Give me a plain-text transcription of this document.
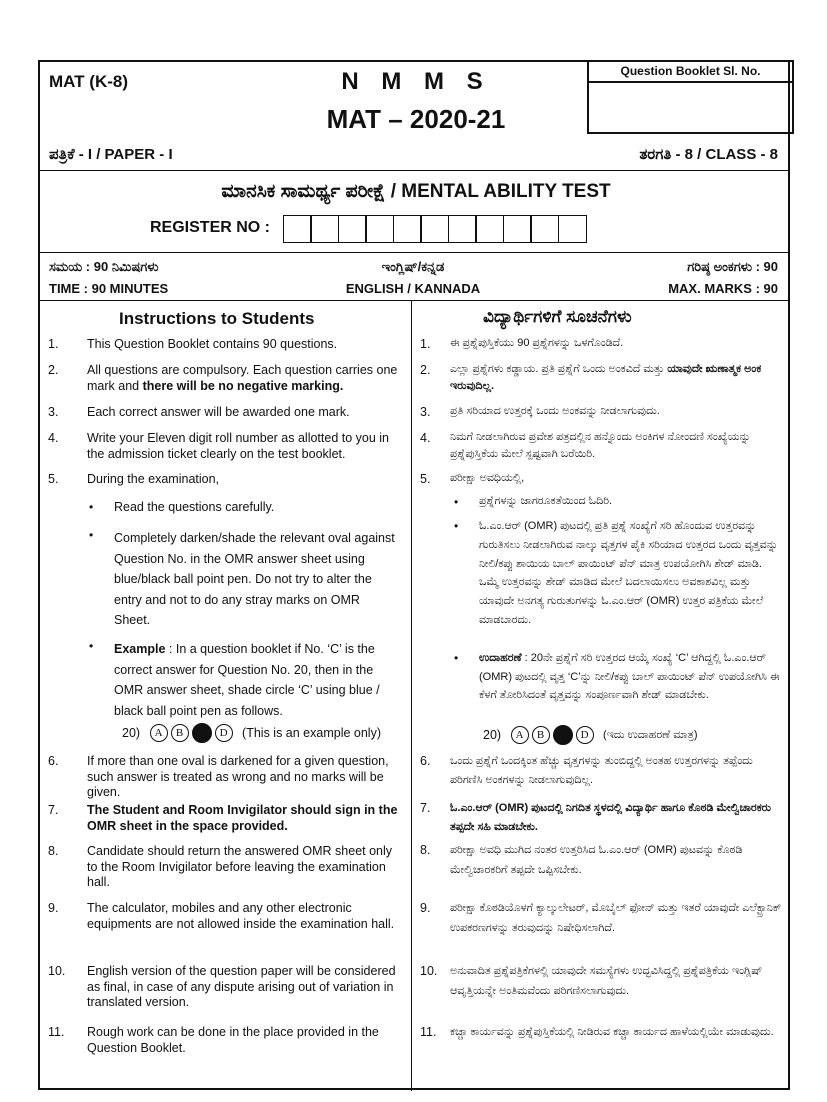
MAT (K-8)	N M M S
MAT – 2020-21
Question Booklet Sl. No.
ಪತ್ರಿಕೆ - I / PAPER - I	ತರಗತಿ - 8 / CLASS - 8
ಮಾನಸಿಕ ಸಾಮರ್ಥ್ಯ ಪರೀಕ್ಷೆ / MENTAL ABILITY TEST
REGISTER NO :
ಸಮಯ : 90 ನಿಮಿಷಗಳು
TIME : 90 MINUTES
ಇಂಗ್ಲಿಷ್/ಕನ್ನಡ
ENGLISH / KANNADA
ಗರಿಷ್ಠ ಅಂಕಗಳು : 90
MAX. MARKS : 90
Instructions to Students
1. This Question Booklet contains 90 questions.
2. All questions are compulsory. Each question carries one mark and there will be no negative marking.
3. Each correct answer will be awarded one mark.
4. Write your Eleven digit roll number as allotted to you in the admission ticket clearly on the test booklet.
5. During the examination,
• Read the questions carefully.
• Completely darken/shade the relevant oval against Question No. in the OMR answer sheet using blue/black ball point pen. Do not try to alter the entry and not to do any stray marks on OMR Sheet.
• Example : In a question booklet if No. ‘C’ is the correct answer for Question No. 20, then in the OMR answer sheet, shade circle ‘C’ using blue / black ball point pen as follows.
20)
	A	B	D
	(This is an example only)
6. If more than one oval is darkened for a given question, such answer is treated as wrong and no marks will be given.
7. The Student and Room Invigilator should sign in the OMR sheet in the space provided.
8. Candidate should return the answered OMR sheet only to the Room Invigilator before leaving the examination hall.
9. The calculator, mobiles and any other electronic equipments are not allowed inside the examination hall.
10. English version of the question paper will be considered as final, in case of any dispute arising out of variation in translated version.
11. Rough work can be done in the place provided in the Question Booklet.
ವಿದ್ಯಾರ್ಥಿಗಳಿಗೆ ಸೂಚನೆಗಳು
1. ಈ ಪ್ರಶ್ನೆಪುಸ್ತಿಕೆಯು 90 ಪ್ರಶ್ನೆಗಳನ್ನು ಒಳಗೊಂಡಿದೆ.
2. ಎಲ್ಲಾ ಪ್ರಶ್ನೆಗಳು ಕಡ್ಡಾಯ. ಪ್ರತಿ ಪ್ರಶ್ನೆಗೆ ಒಂದು ಅಂಕವಿದೆ ಮತ್ತು ಯಾವುದೇ ಋಣಾತ್ಮಕ ಅಂಕ ಇರುವುದಿಲ್ಲ.
3. ಪ್ರತಿ ಸರಿಯಾದ ಉತ್ತರಕ್ಕೆ ಒಂದು ಅಂಕವನ್ನು ನೀಡಲಾಗುವುದು.
4. ನಿಮಗೆ ನೀಡಲಾಗಿರುವ ಪ್ರವೇಶ ಪತ್ರದಲ್ಲಿನ ಹನ್ನೊಂದು ಅಂಕಿಗಳ ನೋಂದಣಿ ಸಂಖ್ಯೆಯನ್ನು ಪ್ರಶ್ನೆಪುಸ್ತಿಕೆಯ ಮೇಲೆ ಸ್ಪಷ್ಟವಾಗಿ ಬರೆಯಿರಿ.
5. ಪರೀಕ್ಷಾ ಅವಧಿಯಲ್ಲಿ,
• ಪ್ರಶ್ನೆಗಳನ್ನು ಜಾಗರೂಕತೆಯಿಂದ ಓದಿರಿ.
• ಓ.ಎಂ.ಆರ್ (OMR) ಪುಟದಲ್ಲಿ ಪ್ರತಿ ಪ್ರಶ್ನೆ ಸಂಖ್ಯೆಗೆ ಸರಿ ಹೊಂದುವ ಉತ್ತರವನ್ನು ಗುರುತಿಸಲು ನೀಡಲಾಗಿರುವ ನಾಲ್ಕು ವೃತ್ತಗಳ ಪೈಕಿ ಸರಿಯಾದ ಉತ್ತರದ ಒಂದು ವೃತ್ತವನ್ನು ನೀಲಿ/ಕಪ್ಪು ಶಾಯಿಯ ಬಾಲ್ ಪಾಯಿಂಟ್ ಪೆನ್ ಮಾತ್ರ ಉಪಯೋಗಿಸಿ ಶೇಡ್ ಮಾಡಿ. ಒಮ್ಮೆ ಉತ್ತರವನ್ನು ಶೇಡ್ ಮಾಡಿದ ಮೇಲೆ ಬದಲಾಯಿಸಲು ಅವಕಾಶವಿಲ್ಲ ಮತ್ತು ಯಾವುದೇ ಅನಗತ್ಯ ಗುರುತುಗಳನ್ನು ಓ.ಎಂ.ಆರ್ (OMR) ಉತ್ತರ ಪತ್ರಿಕೆಯ ಮೇಲೆ ಮಾಡಬಾರದು.
• ಉದಾಹರಣೆ : 20ನೇ ಪ್ರಶ್ನೆಗೆ ಸರಿ ಉತ್ತರದ ಆಯ್ಕೆ ಸಂಖ್ಯೆ ‘C’ ಆಗಿದ್ದಲ್ಲಿ ಓ.ಎಂ.ಆರ್ (OMR) ಪುಟದಲ್ಲಿ ವೃತ್ತ ‘C’ನ್ನು ನೀಲಿ/ಕಪ್ಪು ಬಾಲ್ ಪಾಯಿಂಟ್ ಪೆನ್ ಉಪಯೋಗಿಸಿ ಈ ಕೆಳಗೆ ತೋರಿಸಿದಂತೆ ವೃತ್ತವನ್ನು ಸಂಪೂರ್ಣವಾಗಿ ಶೇಡ್ ಮಾಡಬೇಕು.
20)
	A	B	D
	(ಇದು ಉದಾಹರಣೆ ಮಾತ್ರ)
6. ಒಂದು ಪ್ರಶ್ನೆಗೆ ಒಂದಕ್ಕಿಂತ ಹೆಚ್ಚು ವೃತ್ತಗಳನ್ನು ತುಂಬಿದ್ದಲ್ಲಿ ಅಂತಹ ಉತ್ತರಗಳನ್ನು ತಪ್ಪೆಂದು ಪರಿಗಣಿಸಿ ಅಂಕಗಳನ್ನು ನೀಡಲಾಗುವುದಿಲ್ಲ.
7. ಓ.ಎಂ.ಆರ್ (OMR) ಪುಟದಲ್ಲಿ ನಿಗದಿತ ಸ್ಥಳದಲ್ಲಿ ವಿದ್ಯಾರ್ಥಿ ಹಾಗೂ ಕೊಠಡಿ ಮೇಲ್ವಿಚಾರಕರು ತಪ್ಪದೇ ಸಹಿ ಮಾಡಬೇಕು.
8. ಪರೀಕ್ಷಾ ಅವಧಿ ಮುಗಿದ ನಂತರ ಉತ್ತರಿಸಿದ ಓ.ಎಂ.ಆರ್ (OMR) ಪುಟವನ್ನು ಕೊಠಡಿ ಮೇಲ್ವಿಚಾರಕರಿಗೆ ತಪ್ಪದೇ ಒಪ್ಪಿಸಬೇಕು.
9. ಪರೀಕ್ಷಾ ಕೊಠಡಿಯೊಳಗೆ ಕ್ಯಾಲ್ಕುಲೇಟರ್, ಮೊಬೈಲ್ ಫೋನ್ ಮತ್ತು ಇತರೆ ಯಾವುದೇ ಎಲೆಕ್ಟ್ರಾನಿಕ್ ಉಪಕರಣಗಳನ್ನು ತರುವುದನ್ನು ನಿಷೇಧಿಸಲಾಗಿದೆ.
10. ಅನುವಾದಿತ ಪ್ರಶ್ನೆಪತ್ರಿಕೆಗಳಲ್ಲಿ ಯಾವುದೇ ಸಮಸ್ಯೆಗಳು ಉದ್ಭವಿಸಿದ್ದಲ್ಲಿ ಪ್ರಶ್ನೆಪತ್ರಿಕೆಯ ಇಂಗ್ಲಿಷ್ ಆವೃತ್ತಿಯನ್ನೇ ಅಂತಿಮವೆಂದು ಪರಿಗಣಿಸಲಾಗುವುದು.
11. ಕಚ್ಚಾ ಕಾರ್ಯವನ್ನು ಪ್ರಶ್ನೆಪುಸ್ತಿಕೆಯಲ್ಲಿ ನೀಡಿರುವ ಕಚ್ಚಾ ಕಾರ್ಯದ ಹಾಳೆಯಲ್ಲಿಯೇ ಮಾಡುವುದು.
